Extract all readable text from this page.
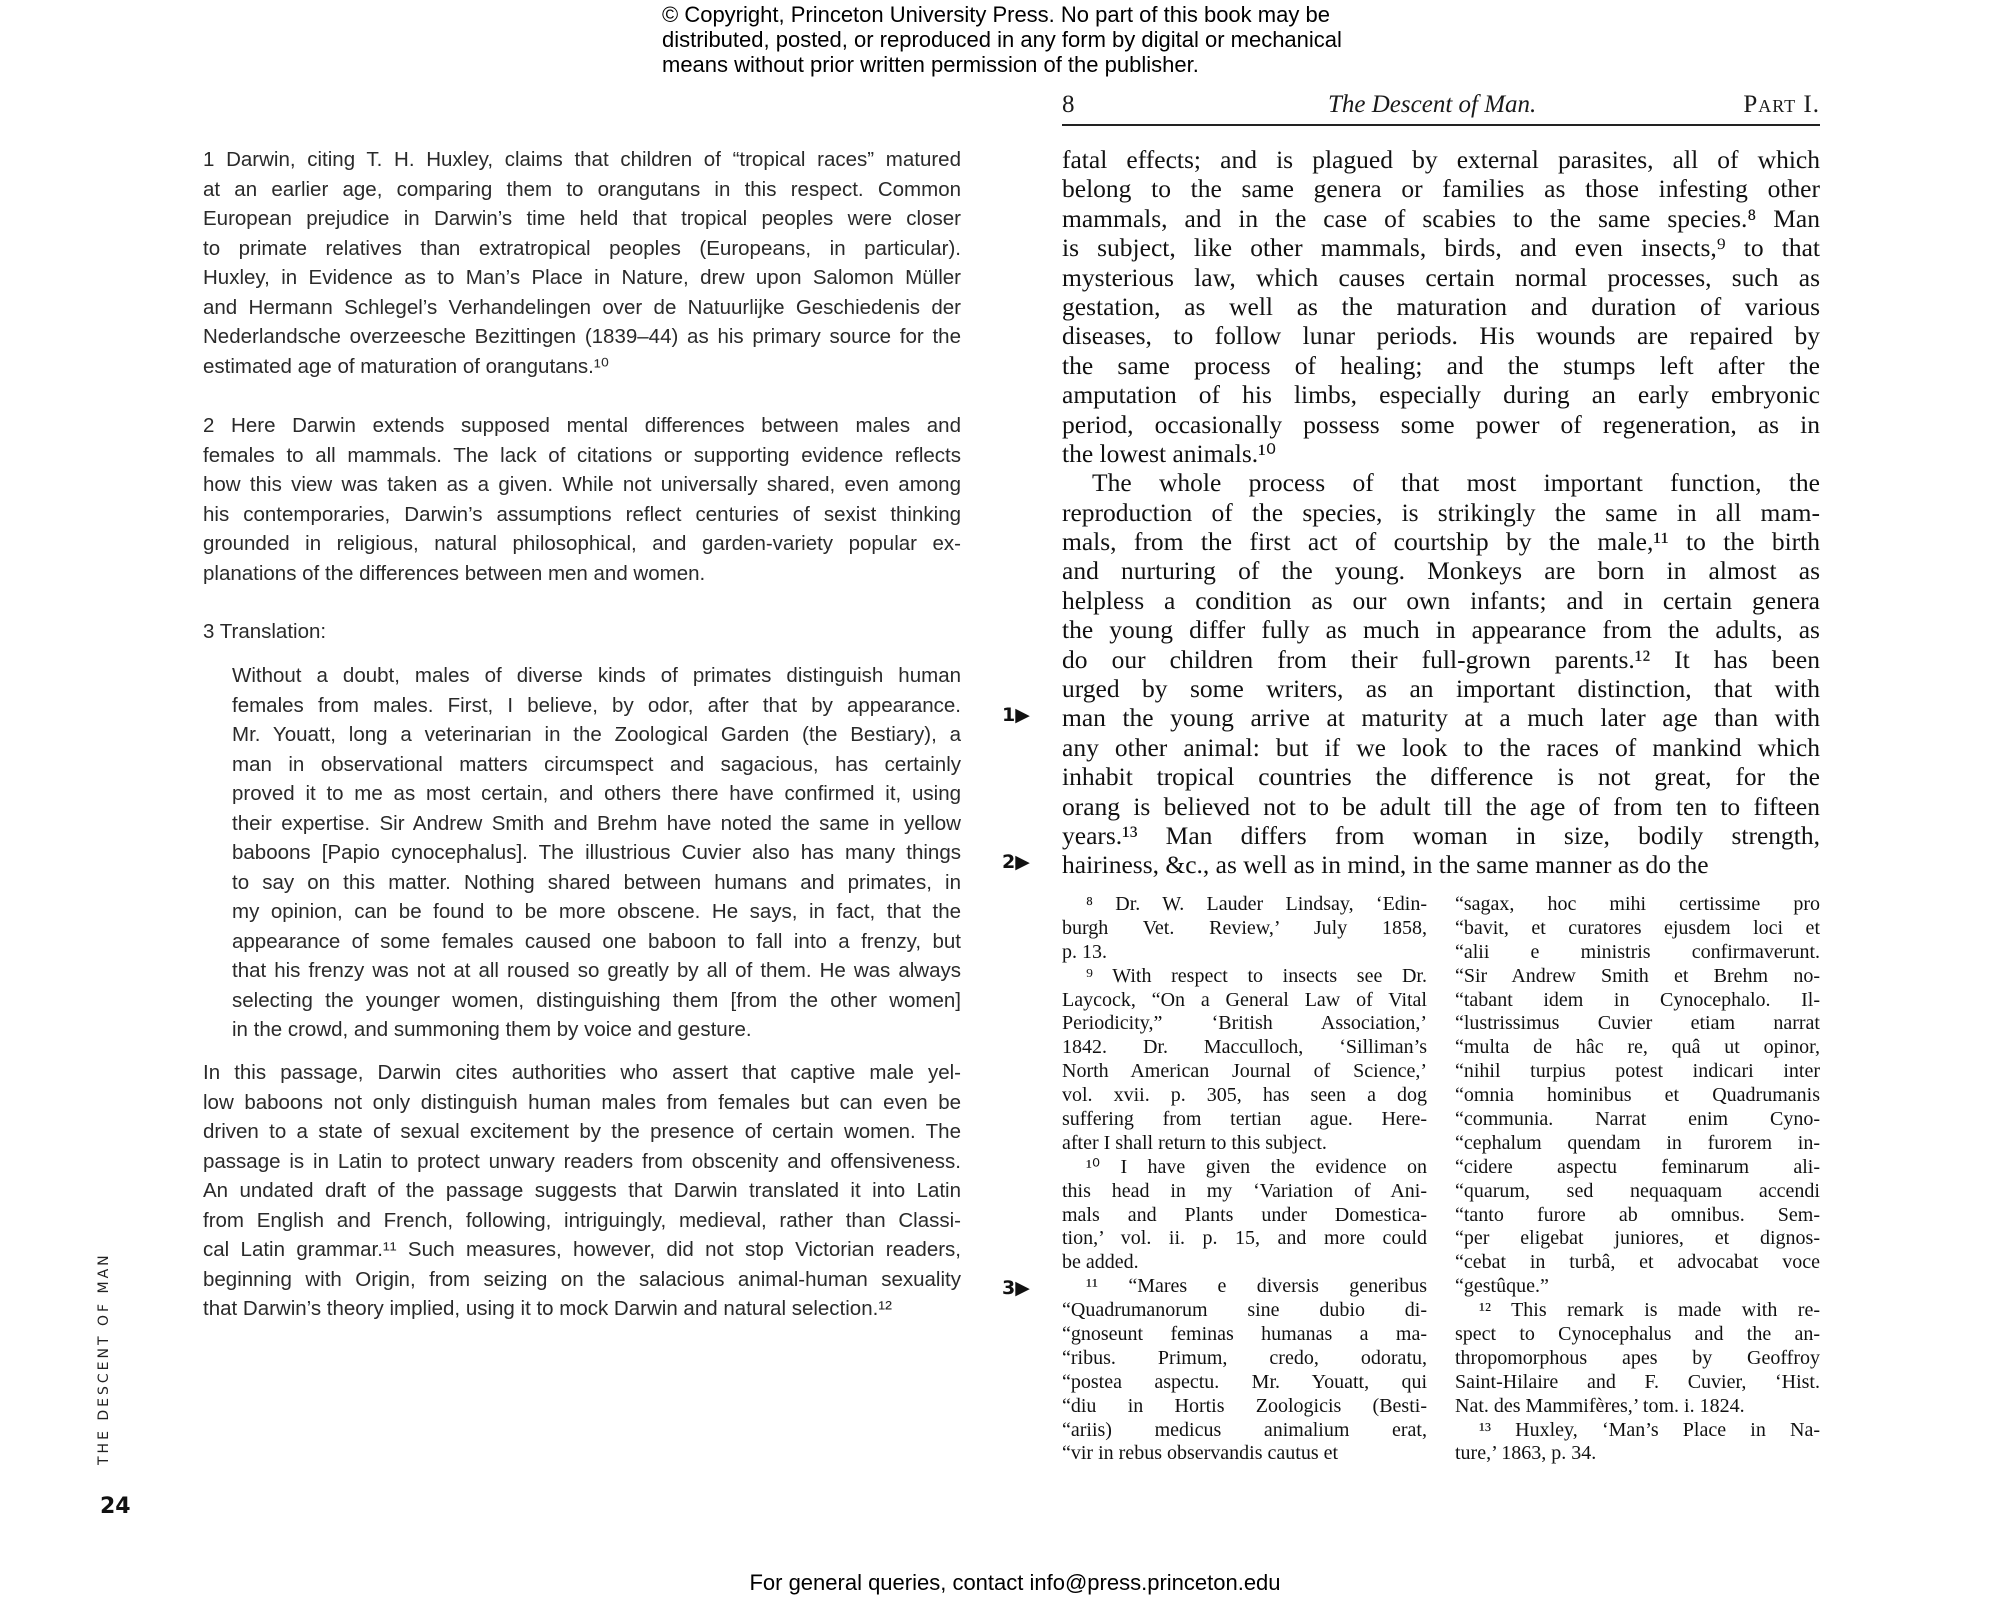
© Copyright, Princeton University Press. No part of this book may be
distributed, posted, or reproduced in any form by digital or mechanical
means without prior written permission of the publisher.
1 Darwin, citing T. H. Huxley, claims that children of “tropical races” matured
at an earlier age, comparing them to orangutans in this respect. Common
European prejudice in Darwin’s time held that tropical peoples were closer
to primate relatives than extratropical peoples (Europeans, in particular).
Huxley, in Evidence as to Man’s Place in Nature, drew upon Salomon Müller
and Hermann Schlegel’s Verhandelingen over de Natuurlijke Geschiedenis der
Nederlandsche overzeesche Bezittingen (1839–44) as his primary source for the
estimated age of maturation of orangutans.¹⁰
2 Here Darwin extends supposed mental differences between males and
females to all mammals. The lack of citations or supporting evidence reflects
how this view was taken as a given. While not universally shared, even among
his contemporaries, Darwin’s assumptions reflect centuries of sexist thinking
grounded in religious, natural philosophical, and garden-variety popular ex-
planations of the differences between men and women.
3 Translation:
Without a doubt, males of diverse kinds of primates distinguish human
females from males. First, I believe, by odor, after that by appearance.
Mr. Youatt, long a veterinarian in the Zoological Garden (the Bestiary), a
man in observational matters circumspect and sagacious, has certainly
proved it to me as most certain, and others there have confirmed it, using
their expertise. Sir Andrew Smith and Brehm have noted the same in yellow
baboons [Papio cynocephalus]. The illustrious Cuvier also has many things
to say on this matter. Nothing shared between humans and primates, in
my opinion, can be found to be more obscene. He says, in fact, that the
appearance of some females caused one baboon to fall into a frenzy, but
that his frenzy was not at all roused so greatly by all of them. He was always
selecting the younger women, distinguishing them [from the other women]
in the crowd, and summoning them by voice and gesture.
In this passage, Darwin cites authorities who assert that captive male yel-
low baboons not only distinguish human males from females but can even be
driven to a state of sexual excitement by the presence of certain women. The
passage is in Latin to protect unwary readers from obscenity and offensiveness.
An undated draft of the passage suggests that Darwin translated it into Latin
from English and French, following, intriguingly, medieval, rather than Classi-
cal Latin grammar.¹¹ Such measures, however, did not stop Victorian readers,
beginning with Origin, from seizing on the salacious animal-human sexuality
that Darwin’s theory implied, using it to mock Darwin and natural selection.¹²
8	The Descent of Man.	Part I.
fatal effects; and is plagued by external parasites, all of which
belong to the same genera or families as those infesting other
mammals, and in the case of scabies to the same species.⁸ Man
is subject, like other mammals, birds, and even insects,⁹ to that
mysterious law, which causes certain normal processes, such as
gestation, as well as the maturation and duration of various
diseases, to follow lunar periods. His wounds are repaired by
the same process of healing; and the stumps left after the
amputation of his limbs, especially during an early embryonic
period, occasionally possess some power of regeneration, as in
the lowest animals.¹⁰
The whole process of that most important function, the
reproduction of the species, is strikingly the same in all mam-
mals, from the first act of courtship by the male,¹¹ to the birth
and nurturing of the young. Monkeys are born in almost as
helpless a condition as our own infants; and in certain genera
the young differ fully as much in appearance from the adults, as
do our children from their full-grown parents.¹² It has been
urged by some writers, as an important distinction, that with
man the young arrive at maturity at a much later age than with
any other animal: but if we look to the races of mankind which
inhabit tropical countries the difference is not great, for the
orang is believed not to be adult till the age of from ten to fifteen
years.¹³ Man differs from woman in size, bodily strength,
hairiness, &c., as well as in mind, in the same manner as do the
⁸ Dr. W. Lauder Lindsay, ‘Edin-
burgh Vet. Review,’ July 1858,
p. 13.
⁹ With respect to insects see Dr.
Laycock, “On a General Law of Vital
Periodicity,” ‘British Association,’
1842. Dr. Macculloch, ‘Silliman’s
North American Journal of Science,’
vol. xvii. p. 305, has seen a dog
suffering from tertian ague. Here-
after I shall return to this subject.
¹⁰ I have given the evidence on
this head in my ‘Variation of Ani-
mals and Plants under Domestica-
tion,’ vol. ii. p. 15, and more could
be added.
¹¹ “Mares e diversis generibus
“Quadrumanorum sine dubio di-
“gnoseunt feminas humanas a ma-
“ribus. Primum, credo, odoratu,
“postea aspectu. Mr. Youatt, qui
“diu in Hortis Zoologicis (Besti-
“ariis) medicus animalium erat,
“vir in rebus observandis cautus et
“sagax, hoc mihi certissime pro
“bavit, et curatores ejusdem loci et
“alii e ministris confirmaverunt.
“Sir Andrew Smith et Brehm no-
“tabant idem in Cynocephalo. Il-
“lustrissimus Cuvier etiam narrat
“multa de hâc re, quâ ut opinor,
“nihil turpius potest indicari inter
“omnia hominibus et Quadrumanis
“communia. Narrat enim Cyno-
“cephalum quendam in furorem in-
“cidere aspectu feminarum ali-
“quarum, sed nequaquam accendi
“tanto furore ab omnibus. Sem-
“per eligebat juniores, et dignos-
“cebat in turbâ, et advocabat voce
“gestûque.”
¹² This remark is made with re-
spect to Cynocephalus and the an-
thropomorphous apes by Geoffroy
Saint-Hilaire and F. Cuvier, ‘Hist.
Nat. des Mammifères,’ tom. i. 1824.
¹³ Huxley, ‘Man’s Place in Na-
ture,’ 1863, p. 34.
1▶
2▶
3▶
THE DESCENT OF MAN
24
For general queries, contact info@press.princeton.edu
